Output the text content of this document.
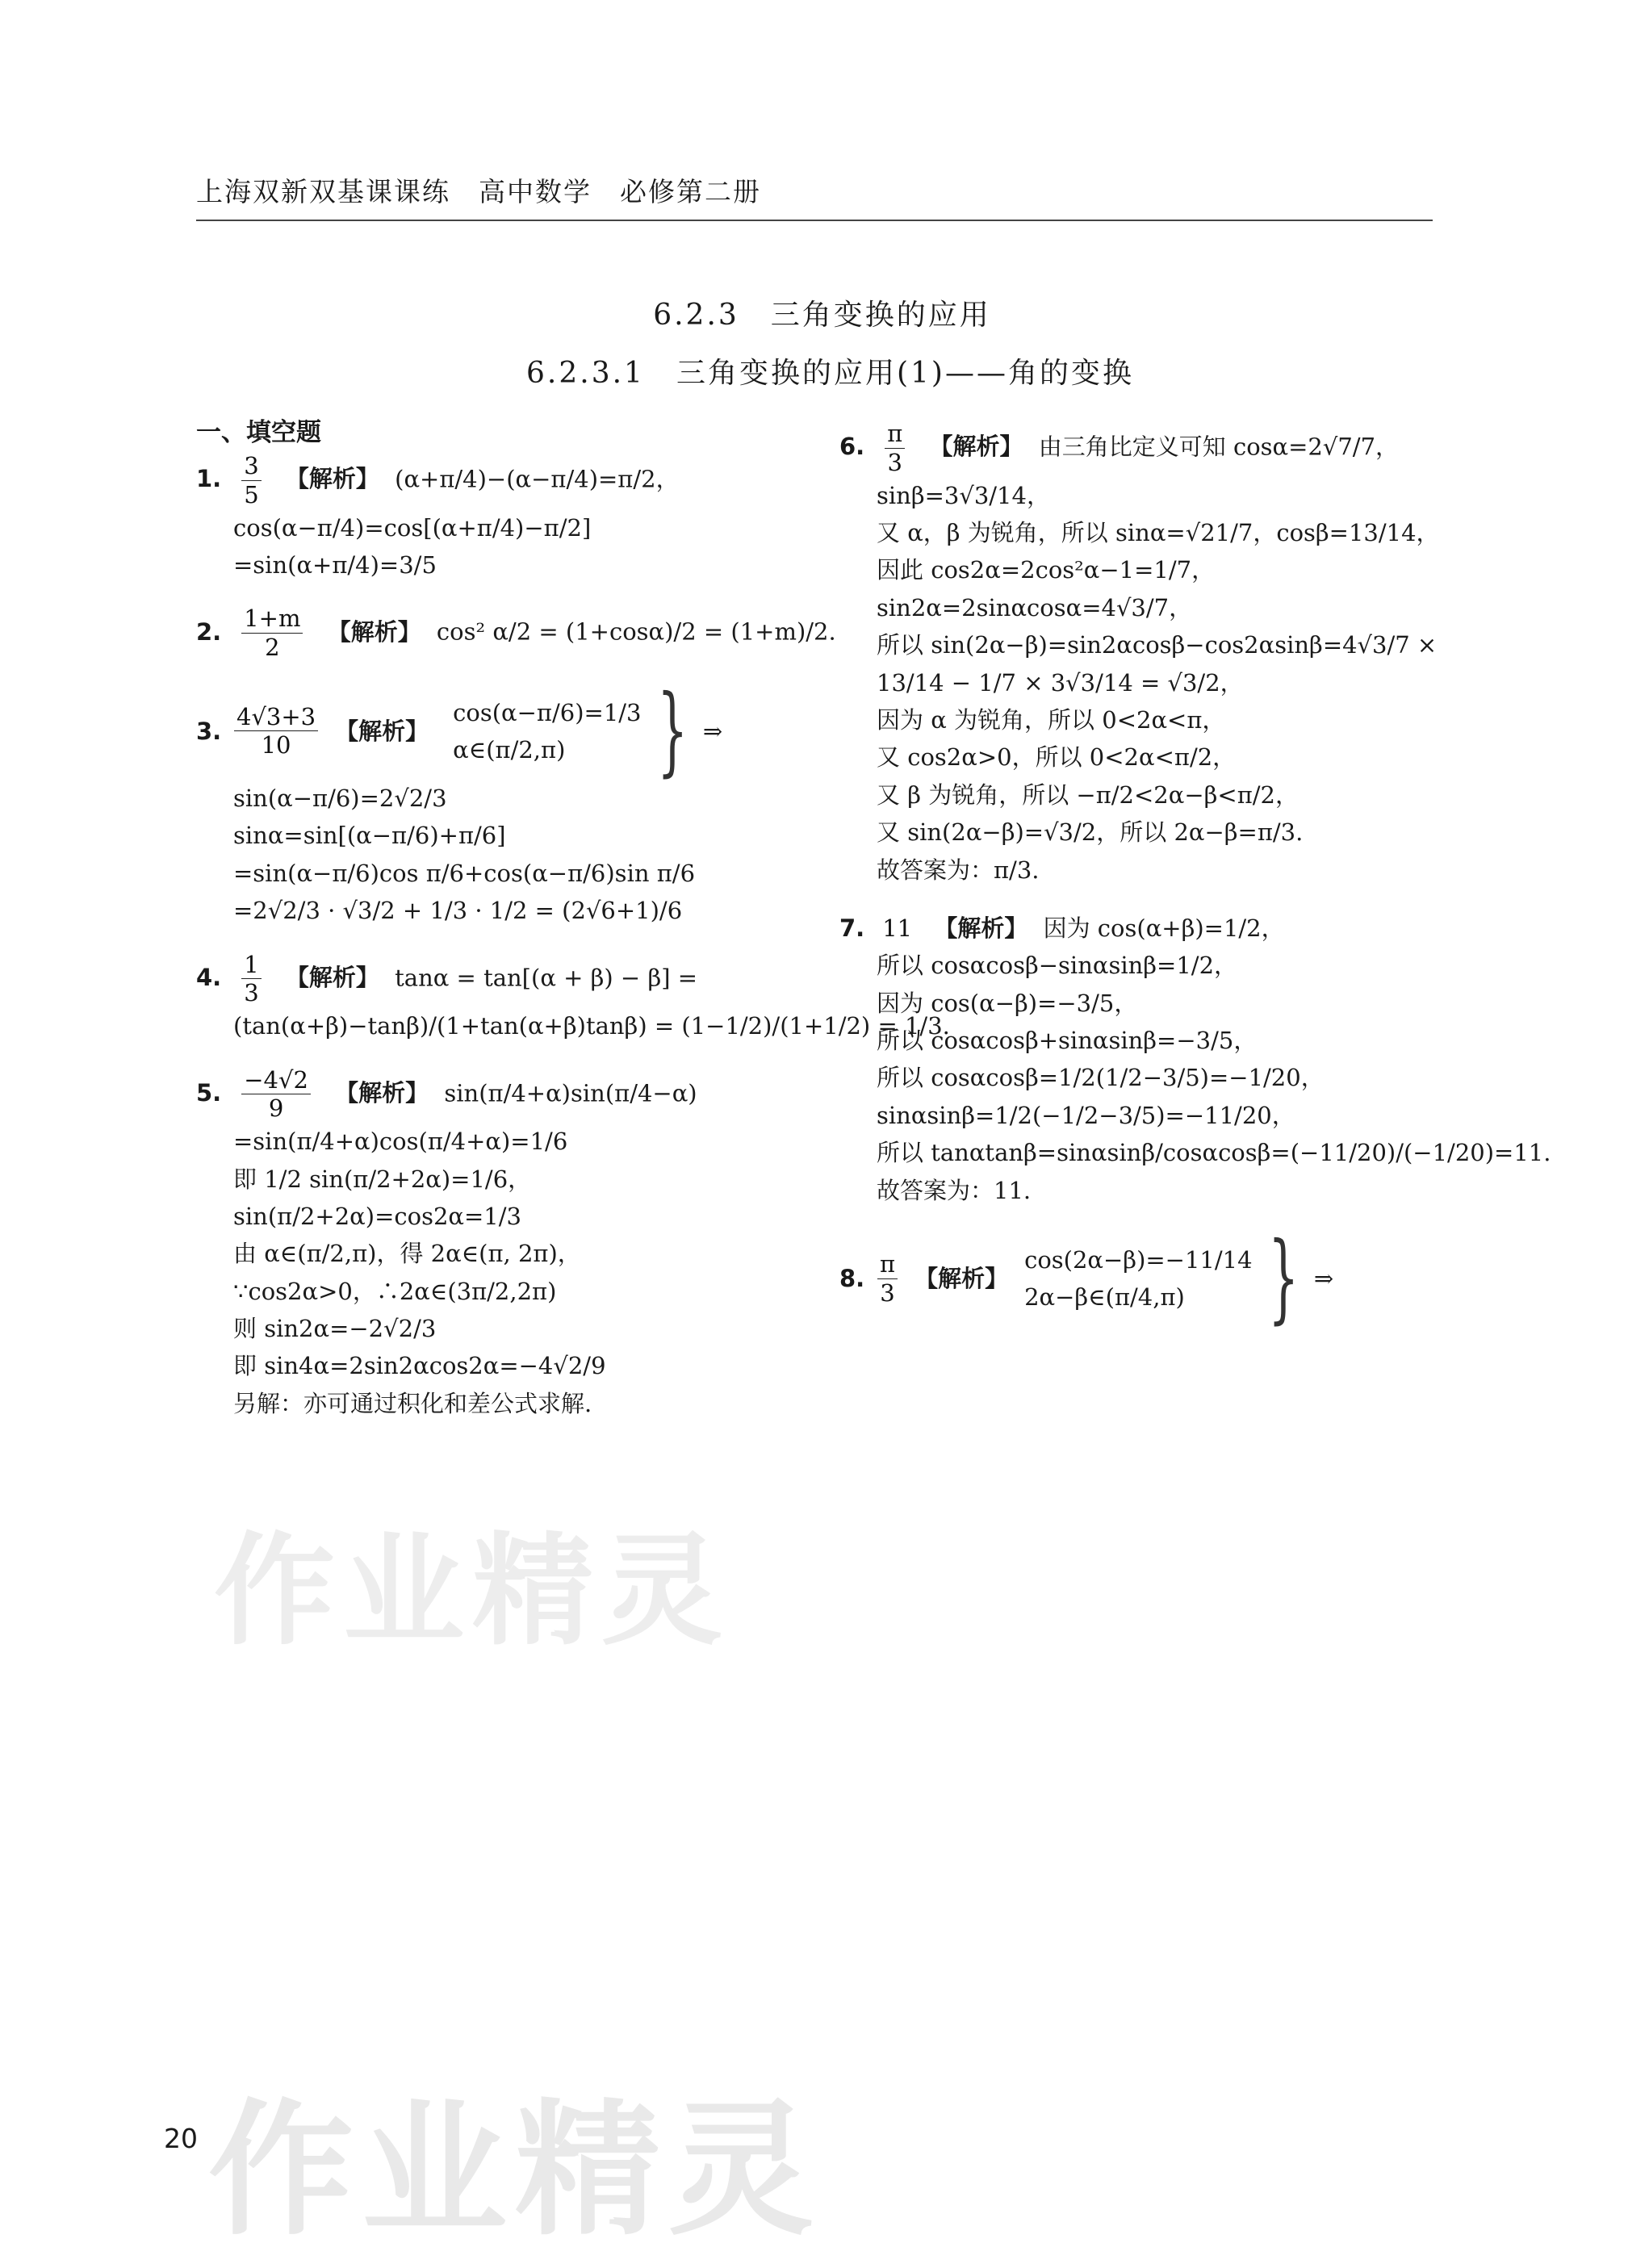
上海双新双基课课练　高中数学　必修第二册
6.2.3　三角变换的应用
6.2.3.1　三角变换的应用(1)——角的变换
一、填空题
作业精灵
作业精灵
1. $\frac{3}{5}$ 【解析】 (α+π/4)−(α−π/4)=π/2，
cos(α−π/4)=cos[(α+π/4)−π/2]
=sin(α+π/4)=3/5
2. $\frac{1+m}{2}$ 【解析】 cos² α/2 = (1+cosα)/2 = (1+m)/2.
3. $\frac{4√3+3}{10}$ 【解析】
cos(α−π/6)=1/3
α∈(π/2,π) } ⇒
sin(α−π/6)=2√2/3
sinα=sin[(α−π/6)+π/6]
=sin(α−π/6)cos π/6+cos(α−π/6)sin π/6
=2√2/3 · √3/2 + 1/3 · 1/2 = (2√6+1)/6
4. $\frac{1}{3}$ 【解析】 tanα = tan[(α + β) − β] =
(tan(α+β)−tanβ)/(1+tan(α+β)tanβ) = (1−1/2)/(1+1/2) = 1/3.
5. $\frac{-4√2}{9}$ 【解析】 sin(π/4+α)sin(π/4−α)
=sin(π/4+α)cos(π/4+α)=1/6
即 1/2 sin(π/2+2α)=1/6，
sin(π/2+2α)=cos2α=1/3
由 α∈(π/2,π)，得 2α∈(π, 2π)，
∵cos2α>0，∴2α∈(3π/2,2π)
则 sin2α=−2√2/3
即 sin4α=2sin2αcos2α=−4√2/9
另解：亦可通过积化和差公式求解.
6. $\frac{\pi}{3}$ 【解析】 由三角比定义可知 cosα=2√7/7，
sinβ=3√3/14，
又 α，β 为锐角，所以 sinα=√21/7，cosβ=13/14，
因此 cos2α=2cos²α−1=1/7，
sin2α=2sinαcosα=4√3/7，
所以 sin(2α−β)=sin2αcosβ−cos2αsinβ=4√3/7 ×
13/14 − 1/7 × 3√3/14 = √3/2，
因为 α 为锐角，所以 0<2α<π，
又 cos2α>0，所以 0<2α<π/2，
又 β 为锐角，所以 −π/2<2α−β<π/2，
又 sin(2α−β)=√3/2，所以 2α−β=π/3.
故答案为：π/3.
7. 11 【解析】 因为 cos(α+β)=1/2，
所以 cosαcosβ−sinαsinβ=1/2，
因为 cos(α−β)=−3/5，
所以 cosαcosβ+sinαsinβ=−3/5，
所以 cosαcosβ=1/2(1/2−3/5)=−1/20，
sinαsinβ=1/2(−1/2−3/5)=−11/20，
所以 tanαtanβ=sinαsinβ/cosαcosβ=(−11/20)/(−1/20)=11.
故答案为：11.
8. $\frac{\pi}{3}$ 【解析】
cos(2α−β)=−11/14
2α−β∈(π/4,π) } ⇒
20
